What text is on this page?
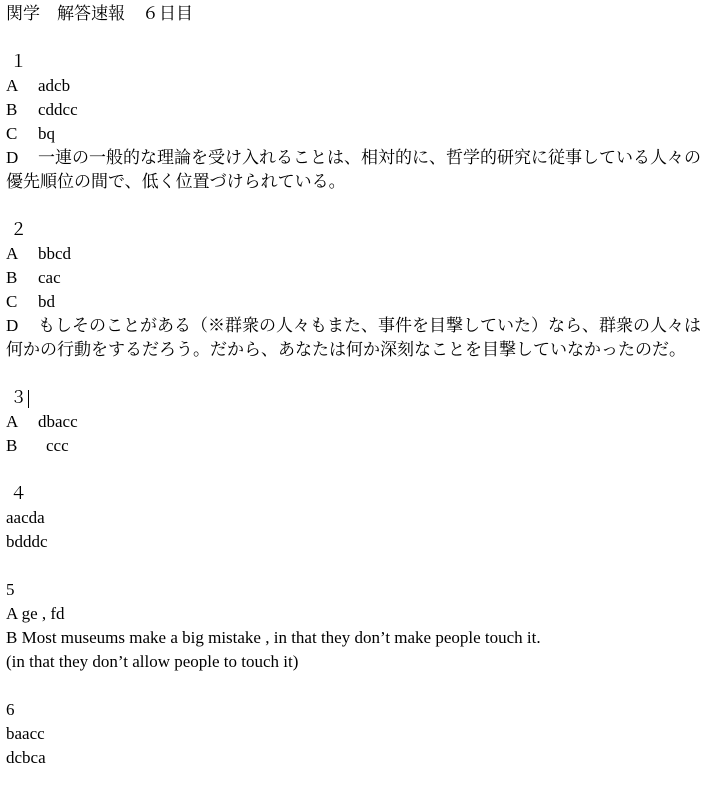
関学　解答速報　６日目
１
A adcb
B cddcc
C bq
D 一連の一般的な理論を受け入れることは、相対的に、哲学的研究に従事している人々の優先順位の間で、低く位置づけられている。
２
A bbcd
B cac
C bd
D もしそのことがある（※群衆の人々もまた、事件を目撃していた）なら、群衆の人々は何かの行動をするだろう。だから、あなたは何か深刻なことを目撃していなかったのだ。
３
A dbacc
B ccc
４
aacda
bdddc
5
A ge , fd
B Most museums make a big mistake , in that they don’t make people touch it.
(in that they don’t allow people to touch it)
6
baacc
dcbca
